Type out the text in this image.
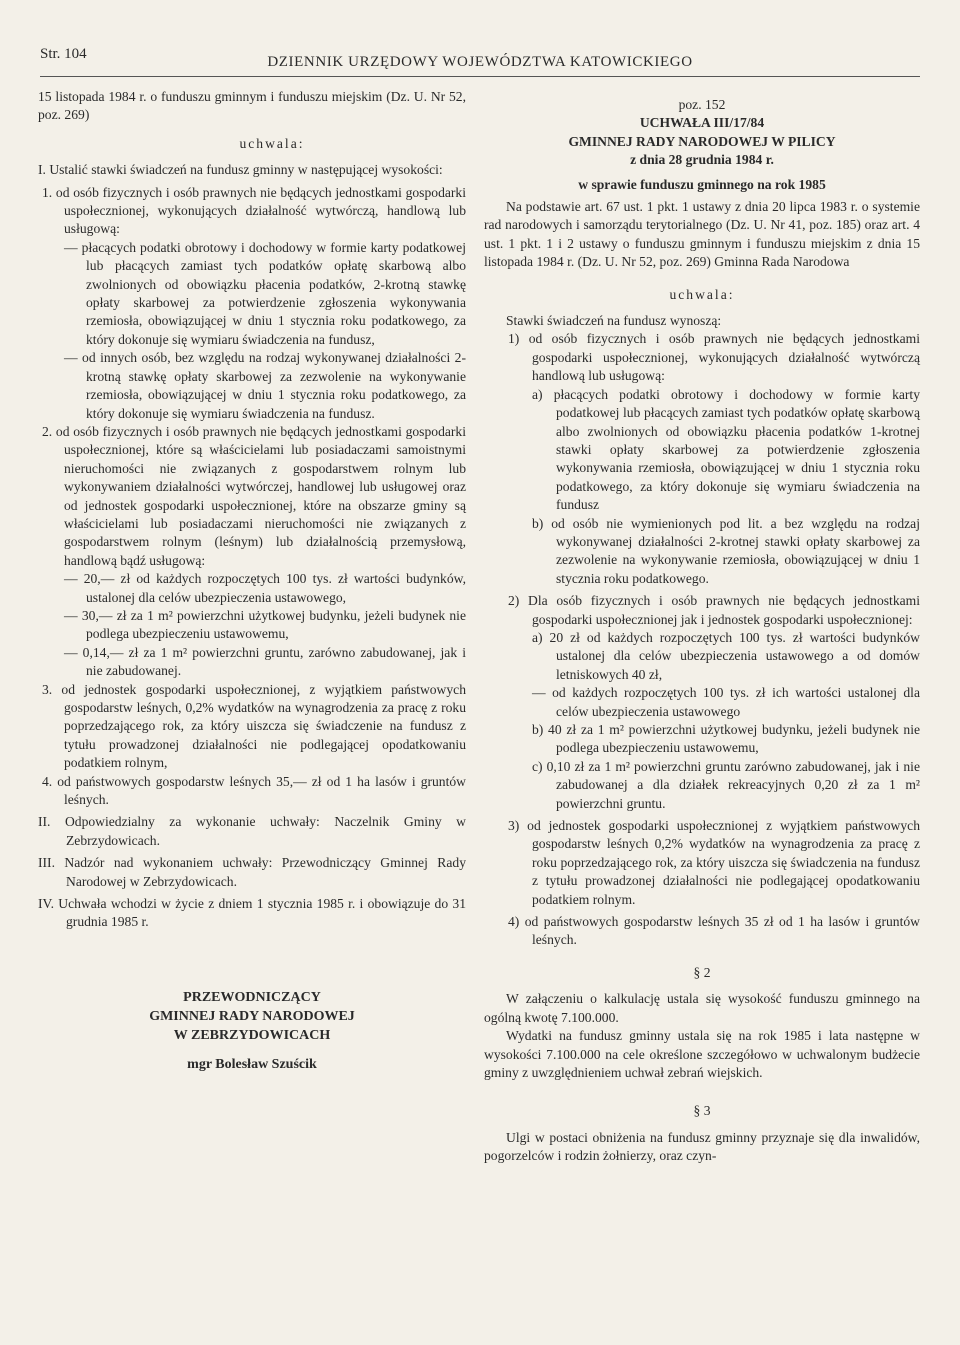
Str. 104	DZIENNIK URZĘDOWY WOJEWÓDZTWA KATOWICKIEGO

15 listopada 1984 r. o funduszu gminnym i funduszu miejskim (Dz. U. Nr 52, poz. 269)

uchwala:

I. Ustalić stawki świadczeń na fundusz gminny w następującej wysokości:

1. od osób fizycznych i osób prawnych nie będących jednostkami gospodarki uspołecznionej, wykonujących działalność wytwórczą, handlową lub usługową:

— płacących podatki obrotowy i dochodowy w formie karty podatkowej lub płacących zamiast tych podatków opłatę skarbową albo zwolnionych od obowiązku płacenia podatków, 2-krotną stawkę opłaty skarbowej za potwierdzenie zgłoszenia wykonywania rzemiosła, obowiązującej w dniu 1 stycznia roku podatkowego, za który dokonuje się wymiaru świadczenia na fundusz,

— od innych osób, bez względu na rodzaj wykonywanej działalności 2-krotną stawkę opłaty skarbowej za zezwolenie na wykonywanie rzemiosła, obowiązującej w dniu 1 stycznia roku podatkowego, za który dokonuje się wymiaru świadczenia na fundusz.

2. od osób fizycznych i osób prawnych nie będących jednostkami gospodarki uspołecznionej, które są właścicielami lub posiadaczami samoistnymi nieruchomości nie związanych z gospodarstwem rolnym lub wykonywaniem działalności wytwórczej, handlowej lub usługowej oraz od jednostek gospodarki uspołecznionej, które na obszarze gminy są właścicielami lub posiadaczami nieruchomości nie związanych z gospodarstwem rolnym (leśnym) lub działalnością przemysłową, handlową bądź usługową:

— 20,— zł od każdych rozpoczętych 100 tys. zł wartości budynków, ustalonej dla celów ubezpieczenia ustawowego,

— 30,— zł za 1 m² powierzchni użytkowej budynku, jeżeli budynek nie podlega ubezpieczeniu ustawowemu,

— 0,14,— zł za 1 m² powierzchni gruntu, zarówno zabudowanej, jak i nie zabudowanej.

3. od jednostek gospodarki uspołecznionej, z wyjątkiem państwowych gospodarstw leśnych, 0,2% wydatków na wynagrodzenia za pracę z roku poprzedzającego rok, za który uiszcza się świadczenie na fundusz z tytułu prowadzonej działalności nie podlegającej opodatkowaniu podatkiem rolnym,

4. od państwowych gospodarstw leśnych 35,— zł od 1 ha lasów i gruntów leśnych.

II. Odpowiedzialny za wykonanie uchwały: Naczelnik Gminy w Zebrzydowicach.

III. Nadzór nad wykonaniem uchwały: Przewodniczący Gminnej Rady Narodowej w Zebrzydowicach.

IV. Uchwała wchodzi w życie z dniem 1 stycznia 1985 r. i obowiązuje do 31 grudnia 1985 r.

PRZEWODNICZĄCY

GMINNEJ RADY NARODOWEJ

W ZEBRZYDOWICACH

mgr Bolesław Szuścik

poz. 152

UCHWAŁA III/17/84

GMINNEJ RADY NARODOWEJ W PILICY

z dnia 28 grudnia 1984 r.

w sprawie funduszu gminnego na rok 1985

Na podstawie art. 67 ust. 1 pkt. 1 ustawy z dnia 20 lipca 1983 r. o systemie rad narodowych i samorządu terytorialnego (Dz. U. Nr 41, poz. 185) oraz art. 4 ust. 1 pkt. 1 i 2 ustawy o funduszu gminnym i funduszu miejskim z dnia 15 listopada 1984 r. (Dz. U. Nr 52, poz. 269) Gminna Rada Narodowa

uchwala:

Stawki świadczeń na fundusz wynoszą:

1) od osób fizycznych i osób prawnych nie będących jednostkami gospodarki uspołecznionej, wykonujących działalność wytwórczą handlową lub usługową:

a) płacących podatki obrotowy i dochodowy w formie karty podatkowej lub płacących zamiast tych podatków opłatę skarbową albo zwolnionych od obowiązku płacenia podatków 1-krotnej stawki opłaty skarbowej za potwierdzenie zgłoszenia wykonywania rzemiosła, obowiązującej w dniu 1 stycznia roku podatkowego, za który dokonuje się wymiaru świadczenia na fundusz

b) od osób nie wymienionych pod lit. a bez względu na rodzaj wykonywanej działalności 2-krotnej stawki opłaty skarbowej za zezwolenie na wykonywanie rzemiosła, obowiązującej w dniu 1 stycznia roku podatkowego.

2) Dla osób fizycznych i osób prawnych nie będących jednostkami gospodarki uspołecznionej jak i jednostek gospodarki uspołecznionej:

a) 20 zł od każdych rozpoczętych 100 tys. zł wartości budynków ustalonej dla celów ubezpieczenia ustawowego a od domów letniskowych 40 zł,

— od każdych rozpoczętych 100 tys. zł ich wartości ustalonej dla celów ubezpieczenia ustawowego

b) 40 zł za 1 m² powierzchni użytkowej budynku, jeżeli budynek nie podlega ubezpieczeniu ustawowemu,

c) 0,10 zł za 1 m² powierzchni gruntu zarówno zabudowanej, jak i nie zabudowanej a dla działek rekreacyjnych 0,20 zł za 1 m² powierzchni gruntu.

3) od jednostek gospodarki uspołecznionej z wyjątkiem państwowych gospodarstw leśnych 0,2% wydatków na wynagrodzenia za pracę z roku poprzedzającego rok, za który uiszcza się świadczenia na fundusz z tytułu prowadzonej działalności nie podlegającej opodatkowaniu podatkiem rolnym.

4) od państwowych gospodarstw leśnych 35 zł od 1 ha lasów i gruntów leśnych.

§ 2

W załączeniu o kalkulację ustala się wysokość funduszu gminnego na ogólną kwotę 7.100.000.

Wydatki na fundusz gminny ustala się na rok 1985 i lata następne w wysokości 7.100.000 na cele określone szczegółowo w uchwalonym budżecie gminy z uwzględnieniem uchwał zebrań wiejskich.

§ 3

Ulgi w postaci obniżenia na fundusz gminny przyznaje się dla inwalidów, pogorzelców i rodzin żołnierzy, oraz czyn-
